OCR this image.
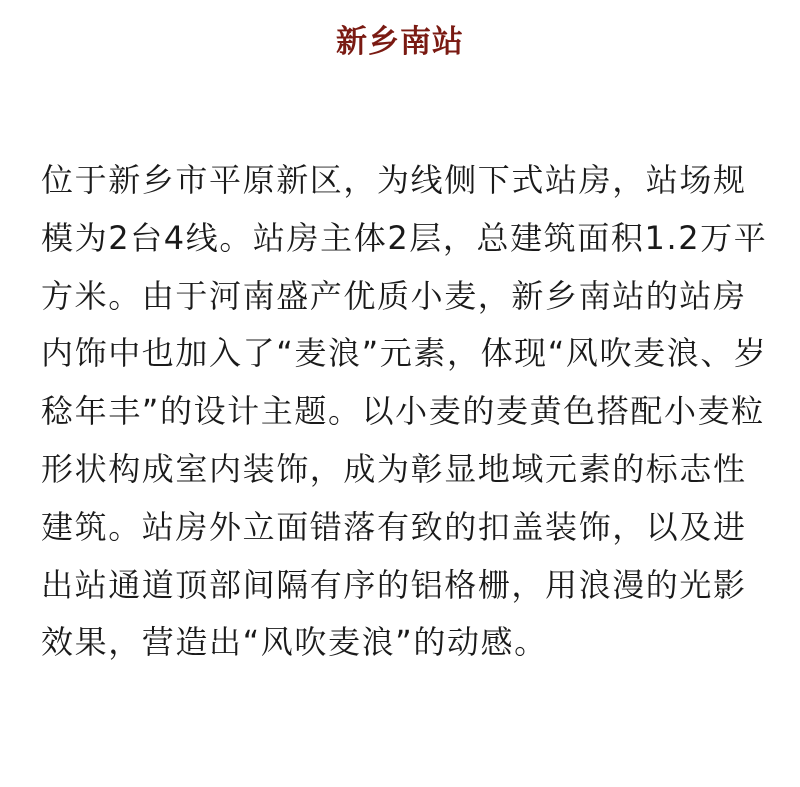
新乡南站
位于新乡市平原新区，为线侧下式站房，站场规
模为2台4线。站房主体2层，总建筑面积1.2万平
方米。由于河南盛产优质小麦，新乡南站的站房
内饰中也加入了“麦浪”元素，体现“风吹麦浪、岁
稔年丰”的设计主题。以小麦的麦黄色搭配小麦粒
形状构成室内装饰，成为彰显地域元素的标志性
建筑。站房外立面错落有致的扣盖装饰，以及进
出站通道顶部间隔有序的铝格栅，用浪漫的光影
效果，营造出“风吹麦浪”的动感。
